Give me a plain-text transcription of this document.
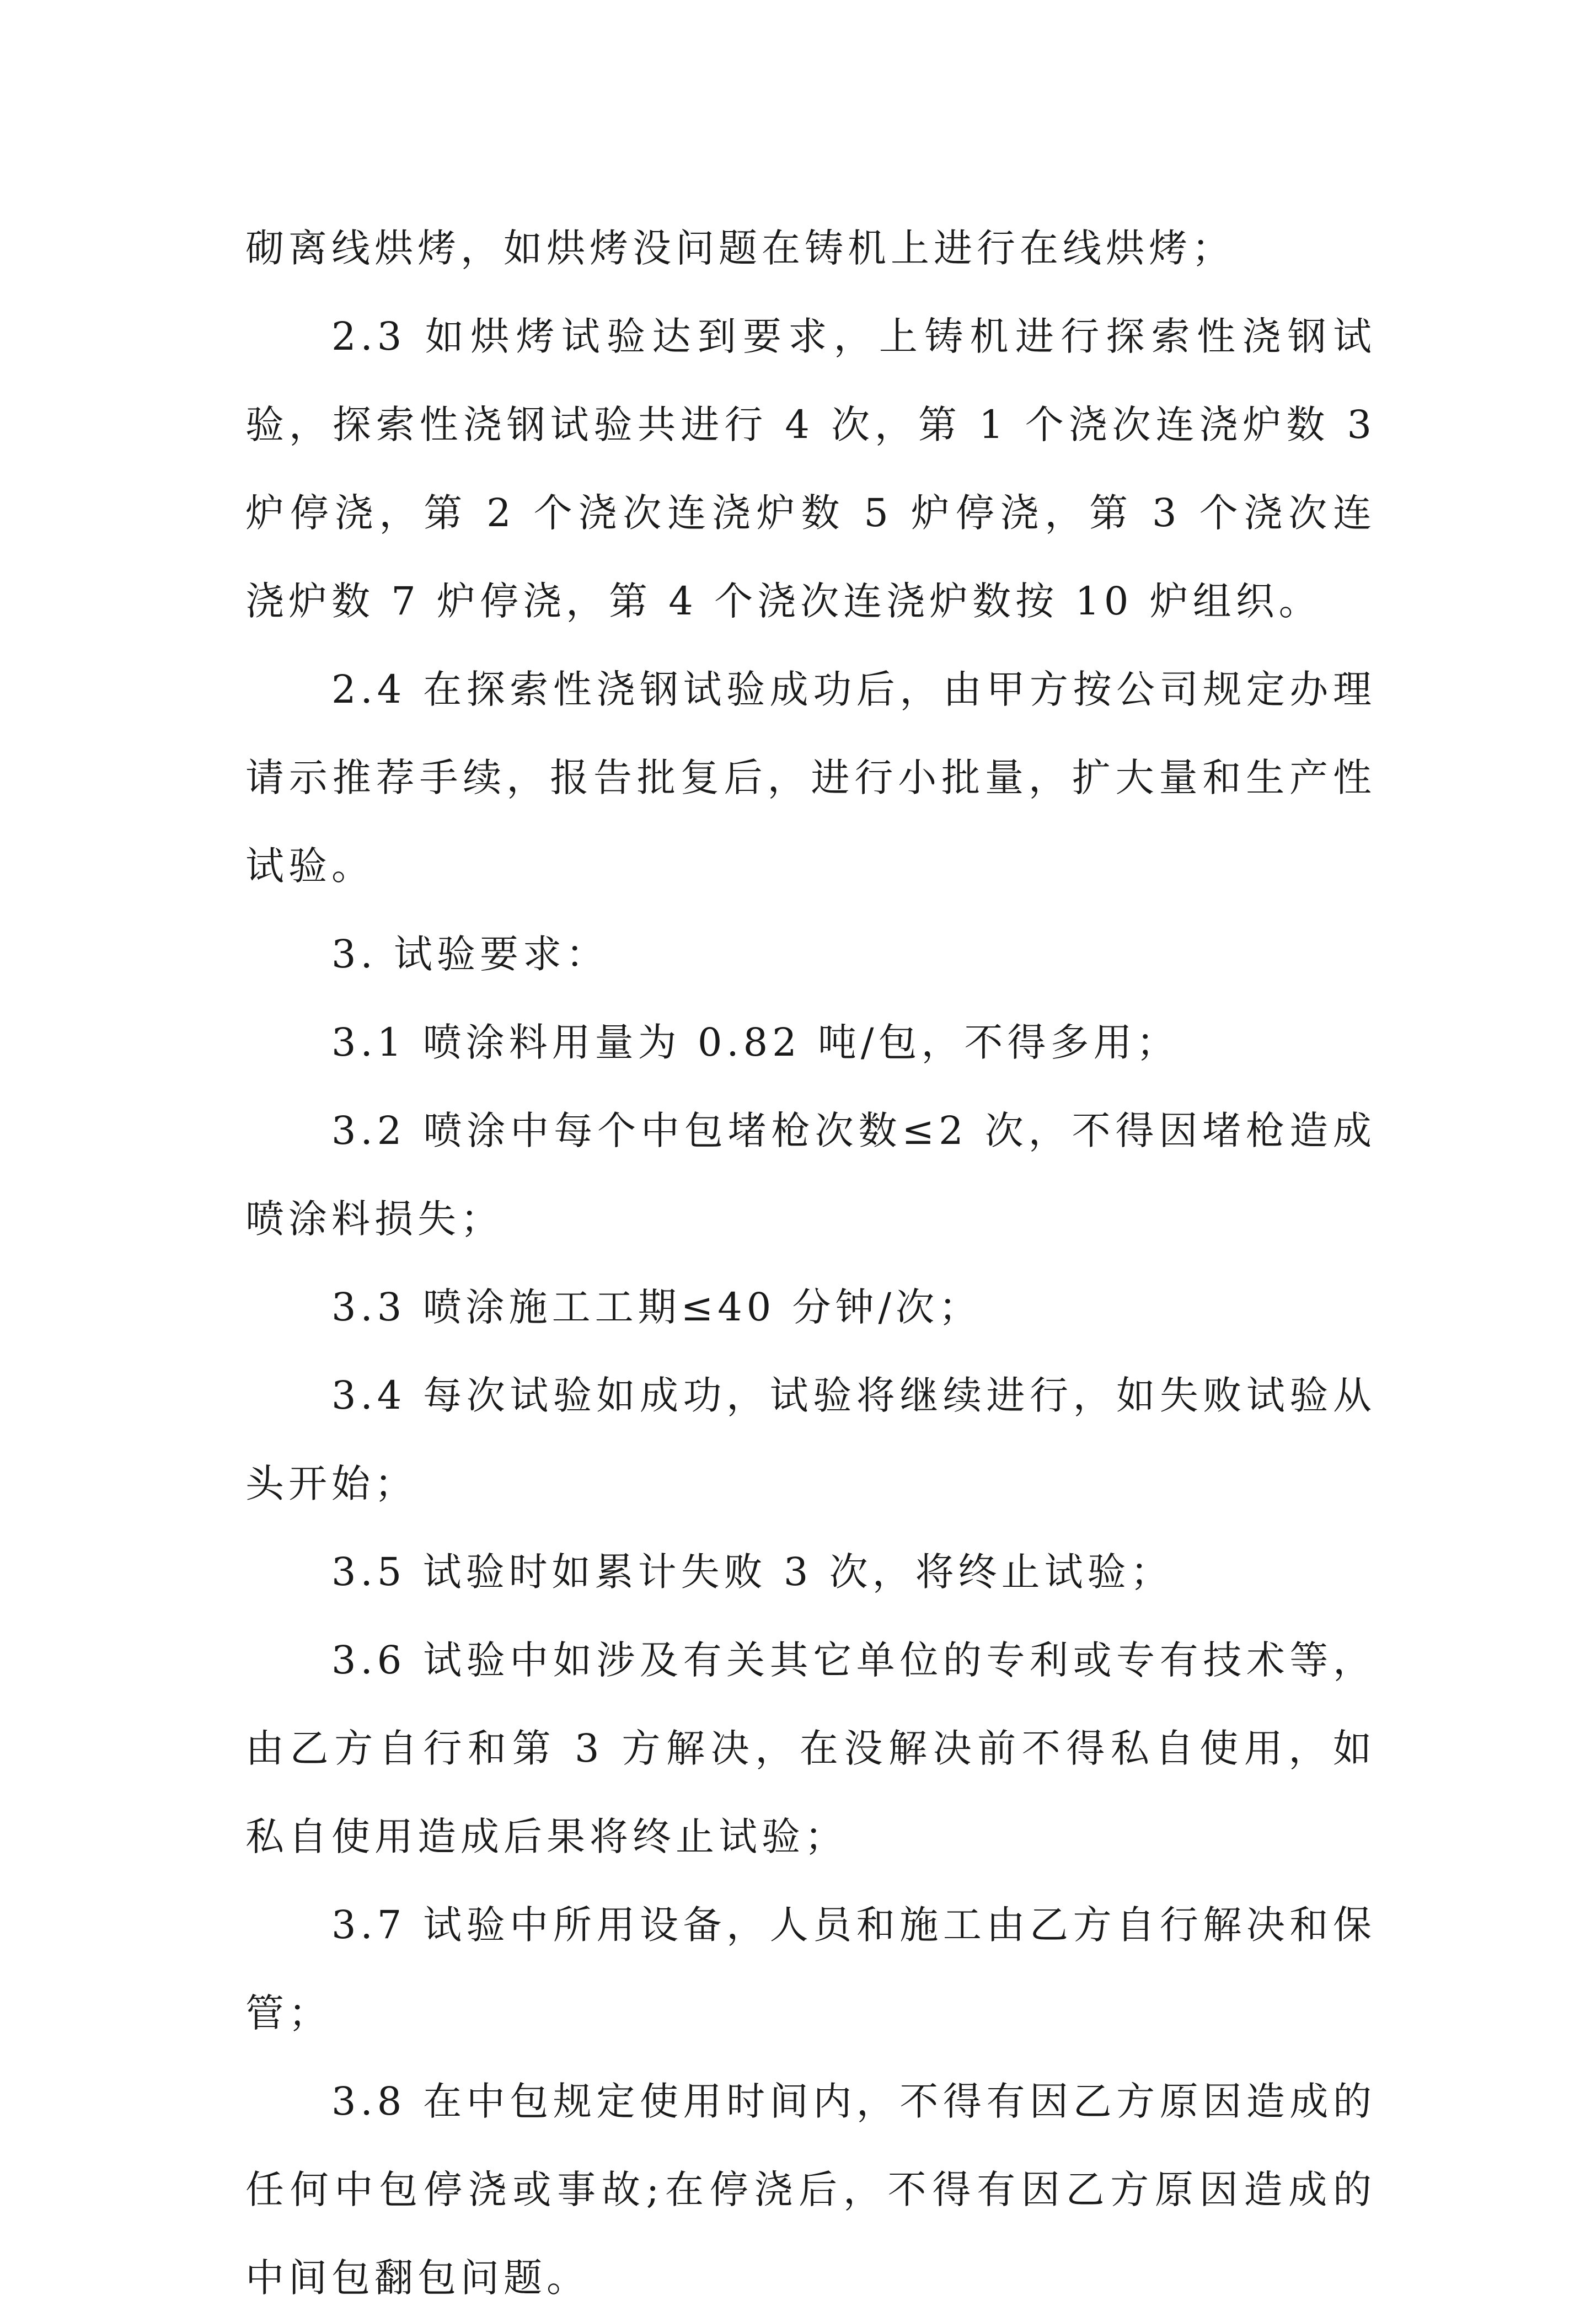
砌离线烘烤，如烘烤没问题在铸机上进行在线烘烤；

2.3 如烘烤试验达到要求，上铸机进行探索性浇钢试验，探索性浇钢试验共进行 4 次，第 1 个浇次连浇炉数 3 炉停浇，第 2 个浇次连浇炉数 5 炉停浇，第 3 个浇次连浇炉数 7 炉停浇，第 4 个浇次连浇炉数按 10 炉组织。

2.4 在探索性浇钢试验成功后，由甲方按公司规定办理请示推荐手续，报告批复后，进行小批量，扩大量和生产性试验。

3. 试验要求：

3.1 喷涂料用量为 0.82 吨/包，不得多用；

3.2 喷涂中每个中包堵枪次数≤2 次，不得因堵枪造成喷涂料损失；

3.3 喷涂施工工期≤40 分钟/次；

3.4 每次试验如成功，试验将继续进行，如失败试验从头开始；

3.5 试验时如累计失败 3 次，将终止试验；

3.6 试验中如涉及有关其它单位的专利或专有技术等，由乙方自行和第 3 方解决，在没解决前不得私自使用，如私自使用造成后果将终止试验；

3.7 试验中所用设备，人员和施工由乙方自行解决和保管；

3.8 在中包规定使用时间内，不得有因乙方原因造成的任何中包停浇或事故;在停浇后，不得有因乙方原因造成的中间包翻包问题。
